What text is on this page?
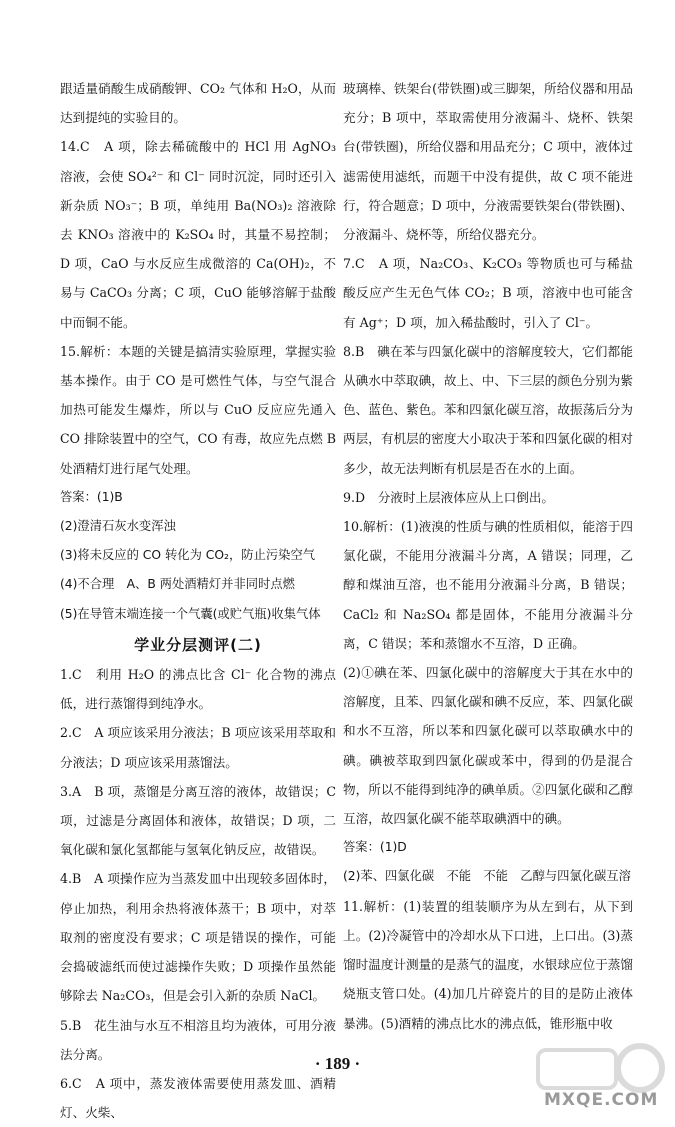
跟适量硝酸生成硝酸钾、CO₂ 气体和 H₂O，从而达到提纯的实验目的。

14.C　A 项，除去稀硫酸中的 HCl 用 AgNO₃ 溶液，会使 SO₄²⁻ 和 Cl⁻ 同时沉淀，同时还引入新杂质 NO₃⁻；B 项，单纯用 Ba(NO₃)₂ 溶液除去 KNO₃ 溶液中的 K₂SO₄ 时，其量不易控制；D 项，CaO 与水反应生成微溶的 Ca(OH)₂，不易与 CaCO₃ 分离；C 项，CuO 能够溶解于盐酸中而铜不能。

15.解析：本题的关键是搞清实验原理，掌握实验基本操作。由于 CO 是可燃性气体，与空气混合加热可能发生爆炸，所以与 CuO 反应应先通入 CO 排除装置中的空气，CO 有毒，故应先点燃 B 处酒精灯进行尾气处理。

答案：(1)B

(2)澄清石灰水变浑浊

(3)将未反应的 CO 转化为 CO₂，防止污染空气

(4)不合理　A、B 两处酒精灯并非同时点燃

(5)在导管末端连接一个气囊(或贮气瓶)收集气体

学业分层测评(二)

1.C　利用 H₂O 的沸点比含 Cl⁻ 化合物的沸点低，进行蒸馏得到纯净水。

2.C　A 项应该采用分液法；B 项应该采用萃取和分液法；D 项应该采用蒸馏法。

3.A　B 项，蒸馏是分离互溶的液体，故错误；C 项，过滤是分离固体和液体，故错误；D 项，二氧化碳和氯化氢都能与氢氧化钠反应，故错误。

4.B　A 项操作应为当蒸发皿中出现较多固体时，停止加热，利用余热将液体蒸干；B 项中，对萃取剂的密度没有要求；C 项是错误的操作，可能会捣破滤纸而使过滤操作失败；D 项操作虽然能够除去 Na₂CO₃，但是会引入新的杂质 NaCl。

5.B　花生油与水互不相溶且均为液体，可用分液法分离。

6.C　A 项中，蒸发液体需要使用蒸发皿、酒精灯、火柴、

玻璃棒、铁架台(带铁圈)或三脚架，所给仪器和用品充分；B 项中，萃取需使用分液漏斗、烧杯、铁架台(带铁圈)，所给仪器和用品充分；C 项中，液体过滤需使用滤纸，而题干中没有提供，故 C 项不能进行，符合题意；D 项中，分液需要铁架台(带铁圈)、分液漏斗、烧杯等，所给仪器充分。

7.C　A 项，Na₂CO₃、K₂CO₃ 等物质也可与稀盐酸反应产生无色气体 CO₂；B 项，溶液中也可能含有 Ag⁺；D 项，加入稀盐酸时，引入了 Cl⁻。

8.B　碘在苯与四氯化碳中的溶解度较大，它们都能从碘水中萃取碘，故上、中、下三层的颜色分别为紫色、蓝色、紫色。苯和四氯化碳互溶，故振荡后分为两层，有机层的密度大小取决于苯和四氯化碳的相对多少，故无法判断有机层是否在水的上面。

9.D　分液时上层液体应从上口倒出。

10.解析：(1)液溴的性质与碘的性质相似，能溶于四氯化碳，不能用分液漏斗分离，A 错误；同理，乙醇和煤油互溶，也不能用分液漏斗分离，B 错误；CaCl₂ 和 Na₂SO₄ 都是固体，不能用分液漏斗分离，C 错误；苯和蒸馏水不互溶，D 正确。

(2)①碘在苯、四氯化碳中的溶解度大于其在水中的溶解度，且苯、四氯化碳和碘不反应，苯、四氯化碳和水不互溶，所以苯和四氯化碳可以萃取碘水中的碘。碘被萃取到四氯化碳或苯中，得到的仍是混合物，所以不能得到纯净的碘单质。②四氯化碳和乙醇互溶，故四氯化碳不能萃取碘酒中的碘。

答案：(1)D

(2)苯、四氯化碳　不能　不能　乙醇与四氯化碳互溶

11.解析：(1)装置的组装顺序为从左到右，从下到上。(2)冷凝管中的冷却水从下口进，上口出。(3)蒸馏时温度计测量的是蒸气的温度，水银球应位于蒸馏烧瓶支管口处。(4)加几片碎瓷片的目的是防止液体暴沸。(5)酒精的沸点比水的沸点低，锥形瓶中收

· 189 ·
MXQE.COM
